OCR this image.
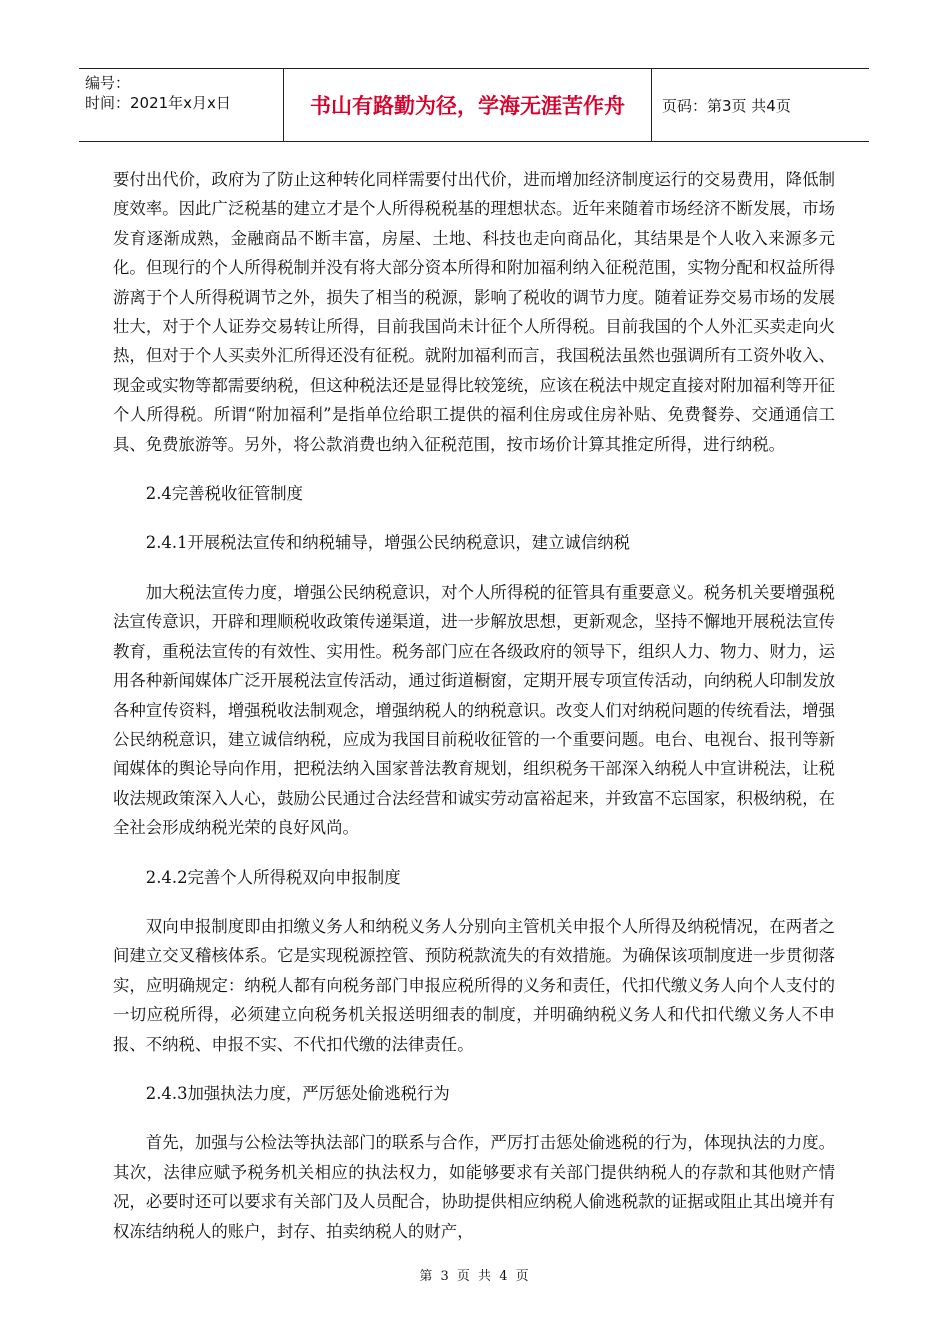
编号：
时间：2021年x月x日	书山有路勤为径，学海无涯苦作舟	页码：第3页 共4页

要付出代价，政府为了防止这种转化同样需要付出代价，进而增加经济制度运行的交易费用，降低制度效率。因此广泛税基的建立才是个人所得税税基的理想状态。近年来随着市场经济不断发展，市场发育逐渐成熟，金融商品不断丰富，房屋、土地、科技也走向商品化，其结果是个人收入来源多元化。但现行的个人所得税制并没有将大部分资本所得和附加福利纳入征税范围，实物分配和权益所得游离于个人所得税调节之外，损失了相当的税源，影响了税收的调节力度。随着证券交易市场的发展壮大，对于个人证券交易转让所得，目前我国尚未计征个人所得税。目前我国的个人外汇买卖走向火热，但对于个人买卖外汇所得还没有征税。就附加福利而言，我国税法虽然也强调所有工资外收入、现金或实物等都需要纳税，但这种税法还是显得比较笼统，应该在税法中规定直接对附加福利等开征个人所得税。所谓“附加福利”是指单位给职工提供的福利住房或住房补贴、免费餐券、交通通信工具、免费旅游等。另外，将公款消费也纳入征税范围，按市场价计算其推定所得，进行纳税。

2.4完善税收征管制度

2.4.1开展税法宣传和纳税辅导，增强公民纳税意识，建立诚信纳税

加大税法宣传力度，增强公民纳税意识，对个人所得税的征管具有重要意义。税务机关要增强税法宣传意识，开辟和理顺税收政策传递渠道，进一步解放思想，更新观念，坚持不懈地开展税法宣传教育，重税法宣传的有效性、实用性。税务部门应在各级政府的领导下，组织人力、物力、财力，运用各种新闻媒体广泛开展税法宣传活动，通过街道橱窗，定期开展专项宣传活动，向纳税人印制发放各种宣传资料，增强税收法制观念，增强纳税人的纳税意识。改变人们对纳税问题的传统看法，增强公民纳税意识，建立诚信纳税，应成为我国目前税收征管的一个重要问题。电台、电视台、报刊等新闻媒体的舆论导向作用，把税法纳入国家普法教育规划，组织税务干部深入纳税人中宣讲税法，让税收法规政策深入人心，鼓励公民通过合法经营和诚实劳动富裕起来，并致富不忘国家，积极纳税，在全社会形成纳税光荣的良好风尚。

2.4.2完善个人所得税双向申报制度

双向申报制度即由扣缴义务人和纳税义务人分别向主管机关申报个人所得及纳税情况，在两者之间建立交叉稽核体系。它是实现税源控管、预防税款流失的有效措施。为确保该项制度进一步贯彻落实，应明确规定：纳税人都有向税务部门申报应税所得的义务和责任，代扣代缴义务人向个人支付的一切应税所得，必须建立向税务机关报送明细表的制度，并明确纳税义务人和代扣代缴义务人不申报、不纳税、申报不实、不代扣代缴的法律责任。

2.4.3加强执法力度，严厉惩处偷逃税行为

首先，加强与公检法等执法部门的联系与合作，严厉打击惩处偷逃税的行为，体现执法的力度。其次，法律应赋予税务机关相应的执法权力，如能够要求有关部门提供纳税人的存款和其他财产情况，必要时还可以要求有关部门及人员配合，协助提供相应纳税人偷逃税款的证据或阻止其出境并有权冻结纳税人的账户，封存、拍卖纳税人的财产，

第 3 页 共 4 页
